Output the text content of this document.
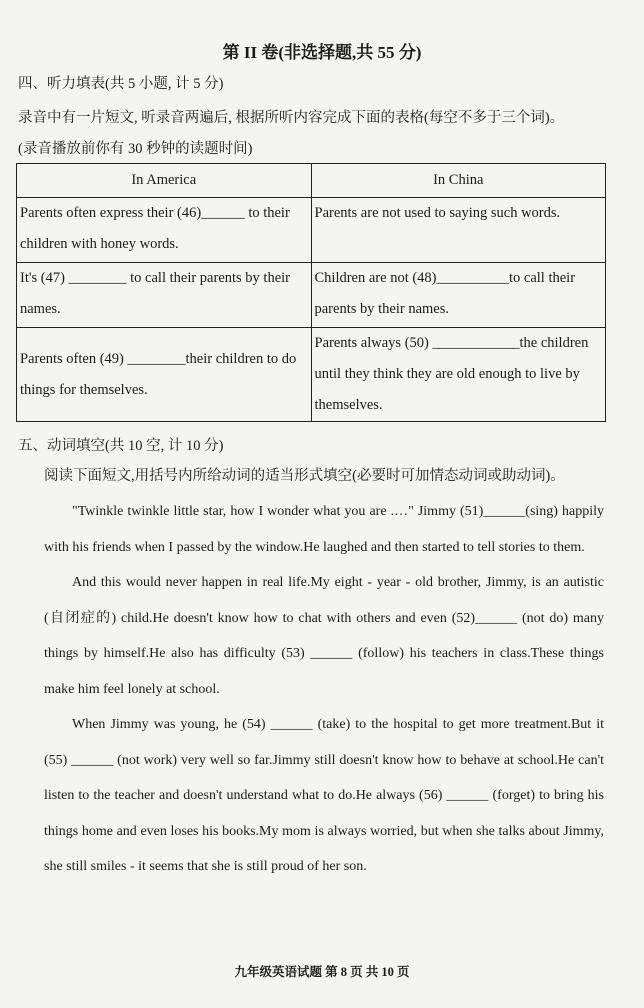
第 II 卷(非选择题,共 55 分)
四、听力填表(共 5 小题, 计 5 分)
录音中有一片短文, 听录音两遍后, 根据所听内容完成下面的表格(每空不多于三个词)。
(录音播放前你有 30 秒钟的读题时间)
In America	In China
Parents often express their (46)______ to their children with honey words.	Parents are not used to saying such words.
It's (47) ________ to call their parents by their names.	Children are not (48)__________to call their parents by their names.
Parents often (49) ________their children to do things for themselves.	Parents always (50) ____________the children until they think they are old enough to live by themselves.
五、动词填空(共 10 空, 计 10 分)
阅读下面短文,用括号内所给动词的适当形式填空(必要时可加情态动词或助动词)。

"Twinkle twinkle little star, how I wonder what you are .…" Jimmy (51)______(sing) happily with his friends when I passed by the window.He laughed and then started to tell stories to them.

And this would never happen in real life.My eight - year - old brother, Jimmy, is an autistic (自闭症的) child.He doesn't know how to chat with others and even (52)______ (not do) many things by himself.He also has difficulty (53) ______ (follow) his teachers in class.These things make him feel lonely at school.

When Jimmy was young, he (54) ______ (take) to the hospital to get more treatment.But it (55) ______ (not work) very well so far.Jimmy still doesn't know how to behave at school.He can't listen to the teacher and doesn't understand what to do.He always (56) ______ (forget) to bring his things home and even loses his books.My mom is always worried, but when she talks about Jimmy, she still smiles - it seems that she is still proud of her son.

九年级英语试题 第 8 页 共 10 页
